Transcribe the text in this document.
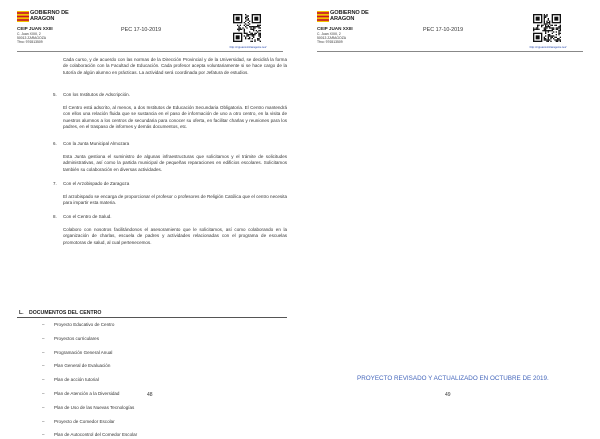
GOBIERNO DE ARAGON
CEIP JUAN XXIII
C. Juan XXIII, 2
50013 ZARAGOZA
Tfno: 976513509
PEC 17-10-2019
http://cpjuanxxiiizaragoza.net/
Cada curso, y de acuerdo con las normas de la Dirección Provincial y de la Universidad, se decidirá la forma de colaboración con la Facultad de Educación. Cada profesor acepta voluntariamente si se hace cargo de la tutoría de algún alumno en prácticas. La actividad será coordinada por Jefatura de estudios.
5. Con los Institutos de Adscripción.
El Centro está adscrito, al menos, a dos Institutos de Educación Secundaria Obligatoria. El Centro mantendrá con ellos una relación fluida que se sustancia en el paso de información de uno a otro centro, en la visita de nuestros alumnos a los centros de secundaria para conocer su oferta, en facilitar charlas y reuniones para los padres, en el traspaso de informes y demás documentos, etc.
6. Con la Junta Municipal Almozara
Esta Junta gestiona el suministro de algunas infraestructuras que solicitamos y el trámite de solicitudes administrativas, así como la partida municipal de pequeñas reparaciones en edificios escolares. Solicitamos también su colaboración en diversas actividades.
7. Con el Arzobispado de Zaragoza
El arzobispado se encarga de proporcionar el profesor o profesores de Religión Católica que el centro necesita para impartir esta materia.
8. Con el Centro de Salud.
Colaboro con nosotros facilitándonos el asesoramiento que le solicitamos, así como colaborando en la organización de charlas, escuela de padres y actividades relacionadas con el programa de escuelas promotoras de salud, al cual pertenecemos.
L. DOCUMENTOS DEL CENTRO
– Proyecto Educativo de Centro
– Proyectos curriculares
– Programación General Anual
– Plan General de Evaluación
– Plan de acción tutorial
– Plan de Atención a la Diversidad
– Plan de Uso de las Nuevas Tecnologías
– Proyecto de Comedor Escolar
– Plan de Autocontrol del Comedor Escolar
48
GOBIERNO DE ARAGON
CEIP JUAN XXIII
C. Juan XXIII, 2
50013 ZARAGOZA
Tfno: 976513509
PEC 17-10-2019
http://cpjuanxxiiizaragoza.net/
PROYECTO REVISADO Y ACTUALIZADO EN OCTUBRE DE 2019.
49
